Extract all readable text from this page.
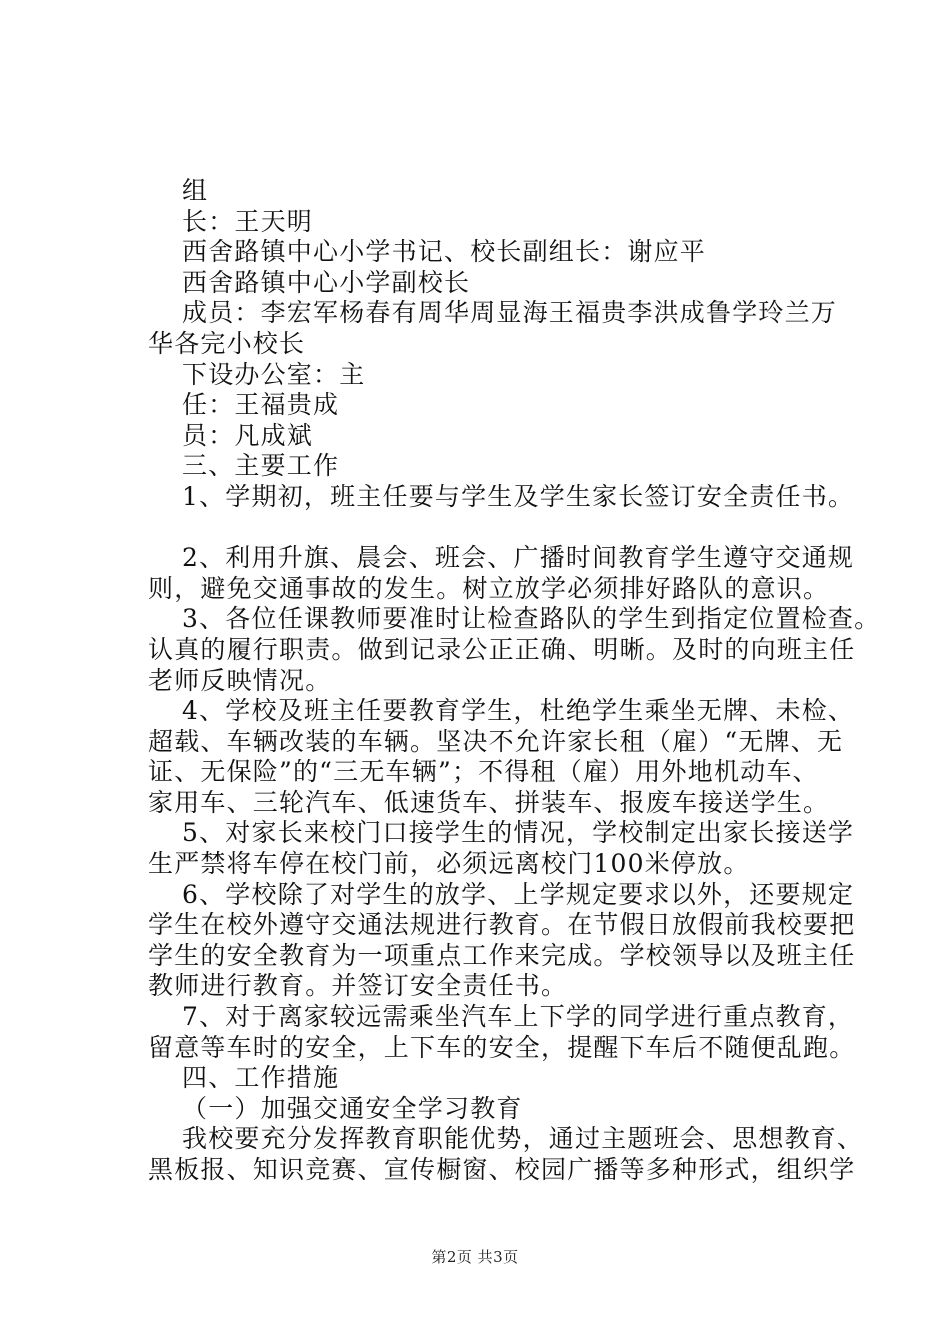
组
长：王天明
西舍路镇中心小学书记、校长副组长：谢应平
西舍路镇中心小学副校长
成员：李宏军杨春有周华周显海王福贵李洪成鲁学玲兰万
华各完小校长
下设办公室：主
任：王福贵成
员：凡成斌
三、主要工作
1、学期初，班主任要与学生及学生家长签订安全责任书。
2、利用升旗、晨会、班会、广播时间教育学生遵守交通规
则，避免交通事故的发生。树立放学必须排好路队的意识。
3、各位任课教师要准时让检查路队的学生到指定位置检查。
认真的履行职责。做到记录公正正确、明晰。及时的向班主任
老师反映情况。
4、学校及班主任要教育学生，杜绝学生乘坐无牌、未检、
超载、车辆改装的车辆。坚决不允许家长租（雇）“无牌、无
证、无保险”的“三无车辆”；不得租（雇）用外地机动车、
家用车、三轮汽车、低速货车、拼装车、报废车接送学生。
5、对家长来校门口接学生的情况，学校制定出家长接送学
生严禁将车停在校门前，必须远离校门100米停放。
6、学校除了对学生的放学、上学规定要求以外，还要规定
学生在校外遵守交通法规进行教育。在节假日放假前我校要把
学生的安全教育为一项重点工作来完成。学校领导以及班主任
教师进行教育。并签订安全责任书。
7、对于离家较远需乘坐汽车上下学的同学进行重点教育，
留意等车时的安全，上下车的安全，提醒下车后不随便乱跑。
四、工作措施
（一）加强交通安全学习教育
我校要充分发挥教育职能优势，通过主题班会、思想教育、
黑板报、知识竞赛、宣传橱窗、校园广播等多种形式，组织学
第2页 共3页
